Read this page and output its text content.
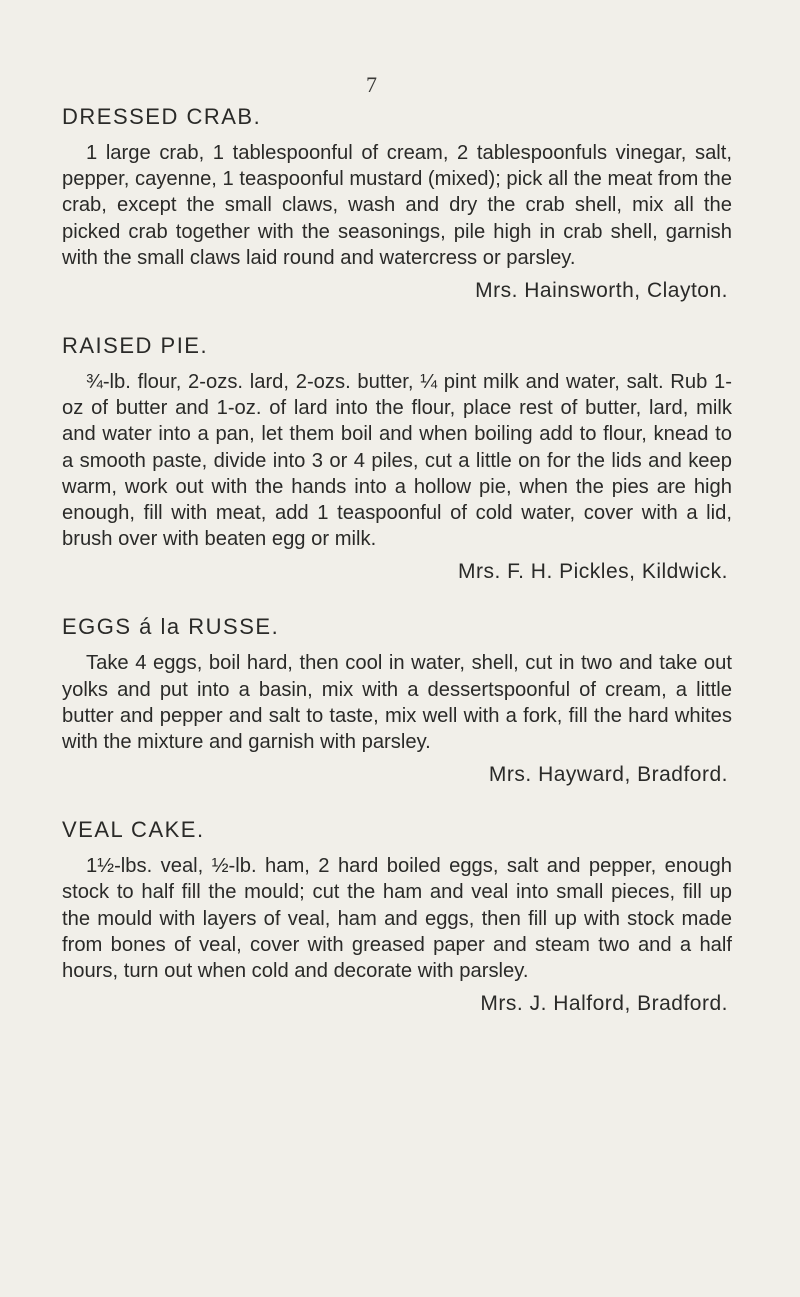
7
DRESSED CRAB.

1 large crab, 1 tablespoonful of cream, 2 tablespoonfuls vinegar, salt, pepper, cayenne, 1 teaspoonful mustard (mixed); pick all the meat from the crab, except the small claws, wash and dry the crab shell, mix all the picked crab together with the seasonings, pile high in crab shell, garnish with the small claws laid round and watercress or parsley.

Mrs. Hainsworth, Clayton.

RAISED PIE.

¾-lb. flour, 2-ozs. lard, 2-ozs. butter, ¼ pint milk and water, salt. Rub 1-oz of butter and 1-oz. of lard into the flour, place rest of butter, lard, milk and water into a pan, let them boil and when boiling add to flour, knead to a smooth paste, divide into 3 or 4 piles, cut a little on for the lids and keep warm, work out with the hands into a hollow pie, when the pies are high enough, fill with meat, add 1 teaspoonful of cold water, cover with a lid, brush over with beaten egg or milk.

Mrs. F. H. Pickles, Kildwick.

EGGS á la RUSSE.

Take 4 eggs, boil hard, then cool in water, shell, cut in two and take out yolks and put into a basin, mix with a dessertspoonful of cream, a little butter and pepper and salt to taste, mix well with a fork, fill the hard whites with the mixture and garnish with parsley.

Mrs. Hayward, Bradford.

VEAL CAKE.

1½-lbs. veal, ½-lb. ham, 2 hard boiled eggs, salt and pepper, enough stock to half fill the mould; cut the ham and veal into small pieces, fill up the mould with layers of veal, ham and eggs, then fill up with stock made from bones of veal, cover with greased paper and steam two and a half hours, turn out when cold and decorate with parsley.

Mrs. J. Halford, Bradford.
